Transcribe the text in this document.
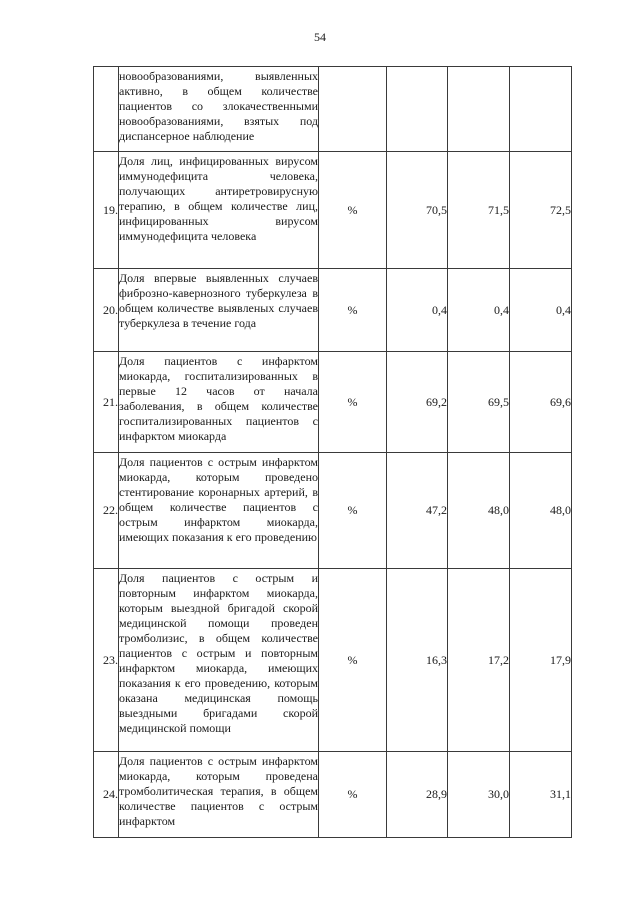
54

	новообразованиями, выявленных активно, в общем количестве пациентов со злокачественными новообразованиями, взятых под диспансерное наблюдение				

19.	Доля лиц, инфицированных вирусом иммунодефицита человека, получающих антиретровирусную терапию, в общем количестве лиц, инфицированных вирусом иммунодефицита человека	%	70,5	71,5	72,5
20.	Доля впервые выявленных случаев фиброзно-кавернозного туберкулеза в общем количестве выявленых случаев туберкулеза в течение года	%	0,4	0,4	0,4
21.	Доля пациентов с инфарктом миокарда, госпитализированных в первые 12 часов от начала заболевания, в общем количестве госпитализированных пациентов с инфарктом миокарда	%	69,2	69,5	69,6
22.	Доля пациентов с острым инфарктом миокарда, которым проведено стентирование коронарных артерий, в общем количестве пациентов с острым инфарктом миокарда, имеющих показания к его проведению	%	47,2	48,0	48,0
23.	Доля пациентов с острым и повторным инфарктом миокарда, которым выездной бригадой скорой медицинской помощи проведен тромболизис, в общем количестве пациентов с острым и повторным инфарктом миокарда, имеющих показания к его проведению, которым оказана медицинская помощь выездными бригадами скорой медицинской помощи	%	16,3	17,2	17,9
24.	Доля пациентов с острым инфарктом миокарда, которым проведена тромболитическая терапия, в общем количестве пациентов с острым инфарктом	%	28,9	30,0	31,1
